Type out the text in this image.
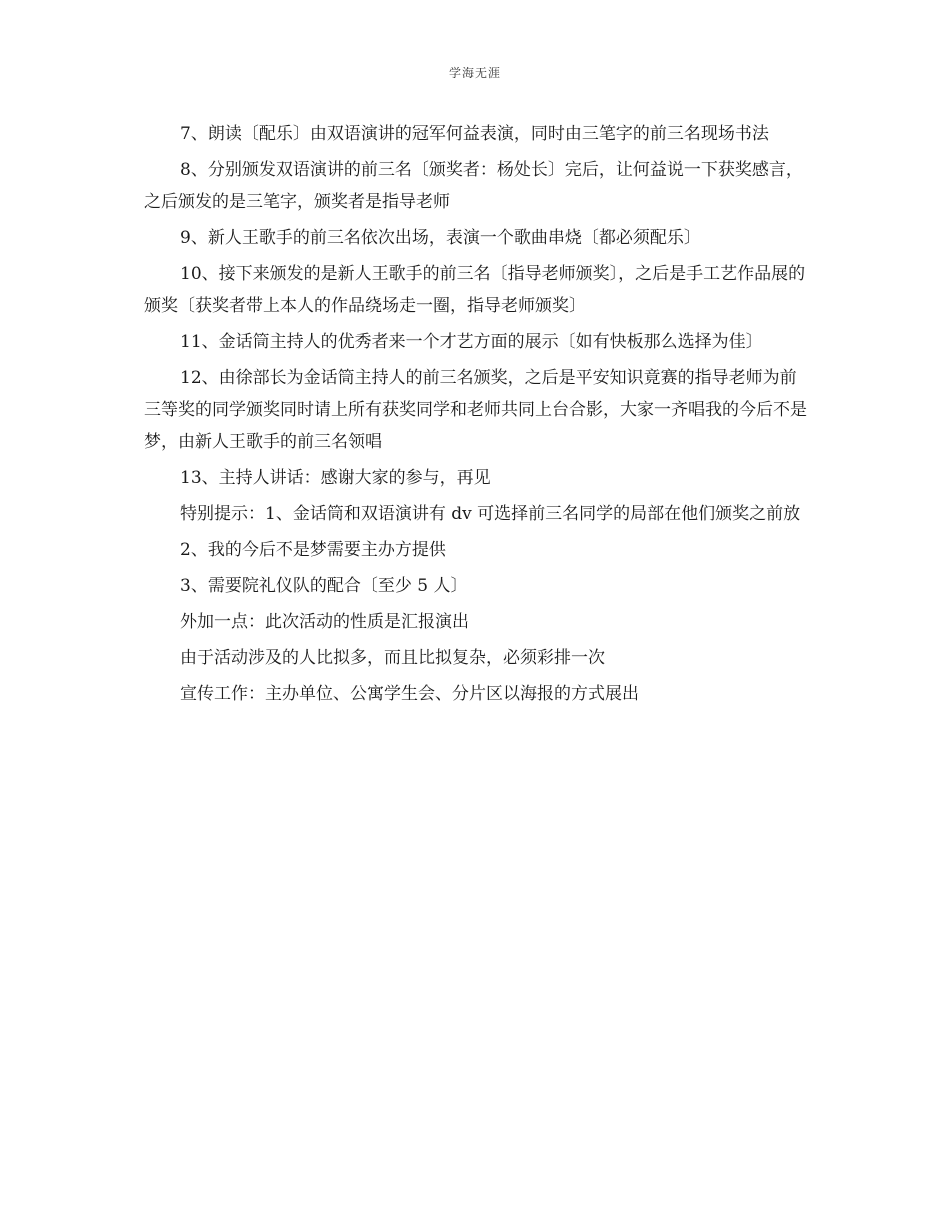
学海无涯

7、朗读〔配乐〕由双语演讲的冠军何益表演，同时由三笔字的前三名现场书法

8、分别颁发双语演讲的前三名〔颁奖者：杨处长〕完后，让何益说一下获奖感言，之后颁发的是三笔字，颁奖者是指导老师

9、新人王歌手的前三名依次出场，表演一个歌曲串烧〔都必须配乐〕

10、接下来颁发的是新人王歌手的前三名〔指导老师颁奖〕，之后是手工艺作品展的颁奖〔获奖者带上本人的作品绕场走一圈，指导老师颁奖〕

11、金话筒主持人的优秀者来一个才艺方面的展示〔如有快板那么选择为佳〕

12、由徐部长为金话筒主持人的前三名颁奖，之后是平安知识竟赛的指导老师为前三等奖的同学颁奖同时请上所有获奖同学和老师共同上台合影，大家一齐唱我的今后不是梦，由新人王歌手的前三名领唱

13、主持人讲话：感谢大家的参与，再见

特别提示：1、金话筒和双语演讲有 dv 可选择前三名同学的局部在他们颁奖之前放

2、我的今后不是梦需要主办方提供

3、需要院礼仪队的配合〔至少 5 人〕

外加一点：此次活动的性质是汇报演出

由于活动涉及的人比拟多，而且比拟复杂，必须彩排一次

宣传工作：主办单位、公寓学生会、分片区以海报的方式展出
